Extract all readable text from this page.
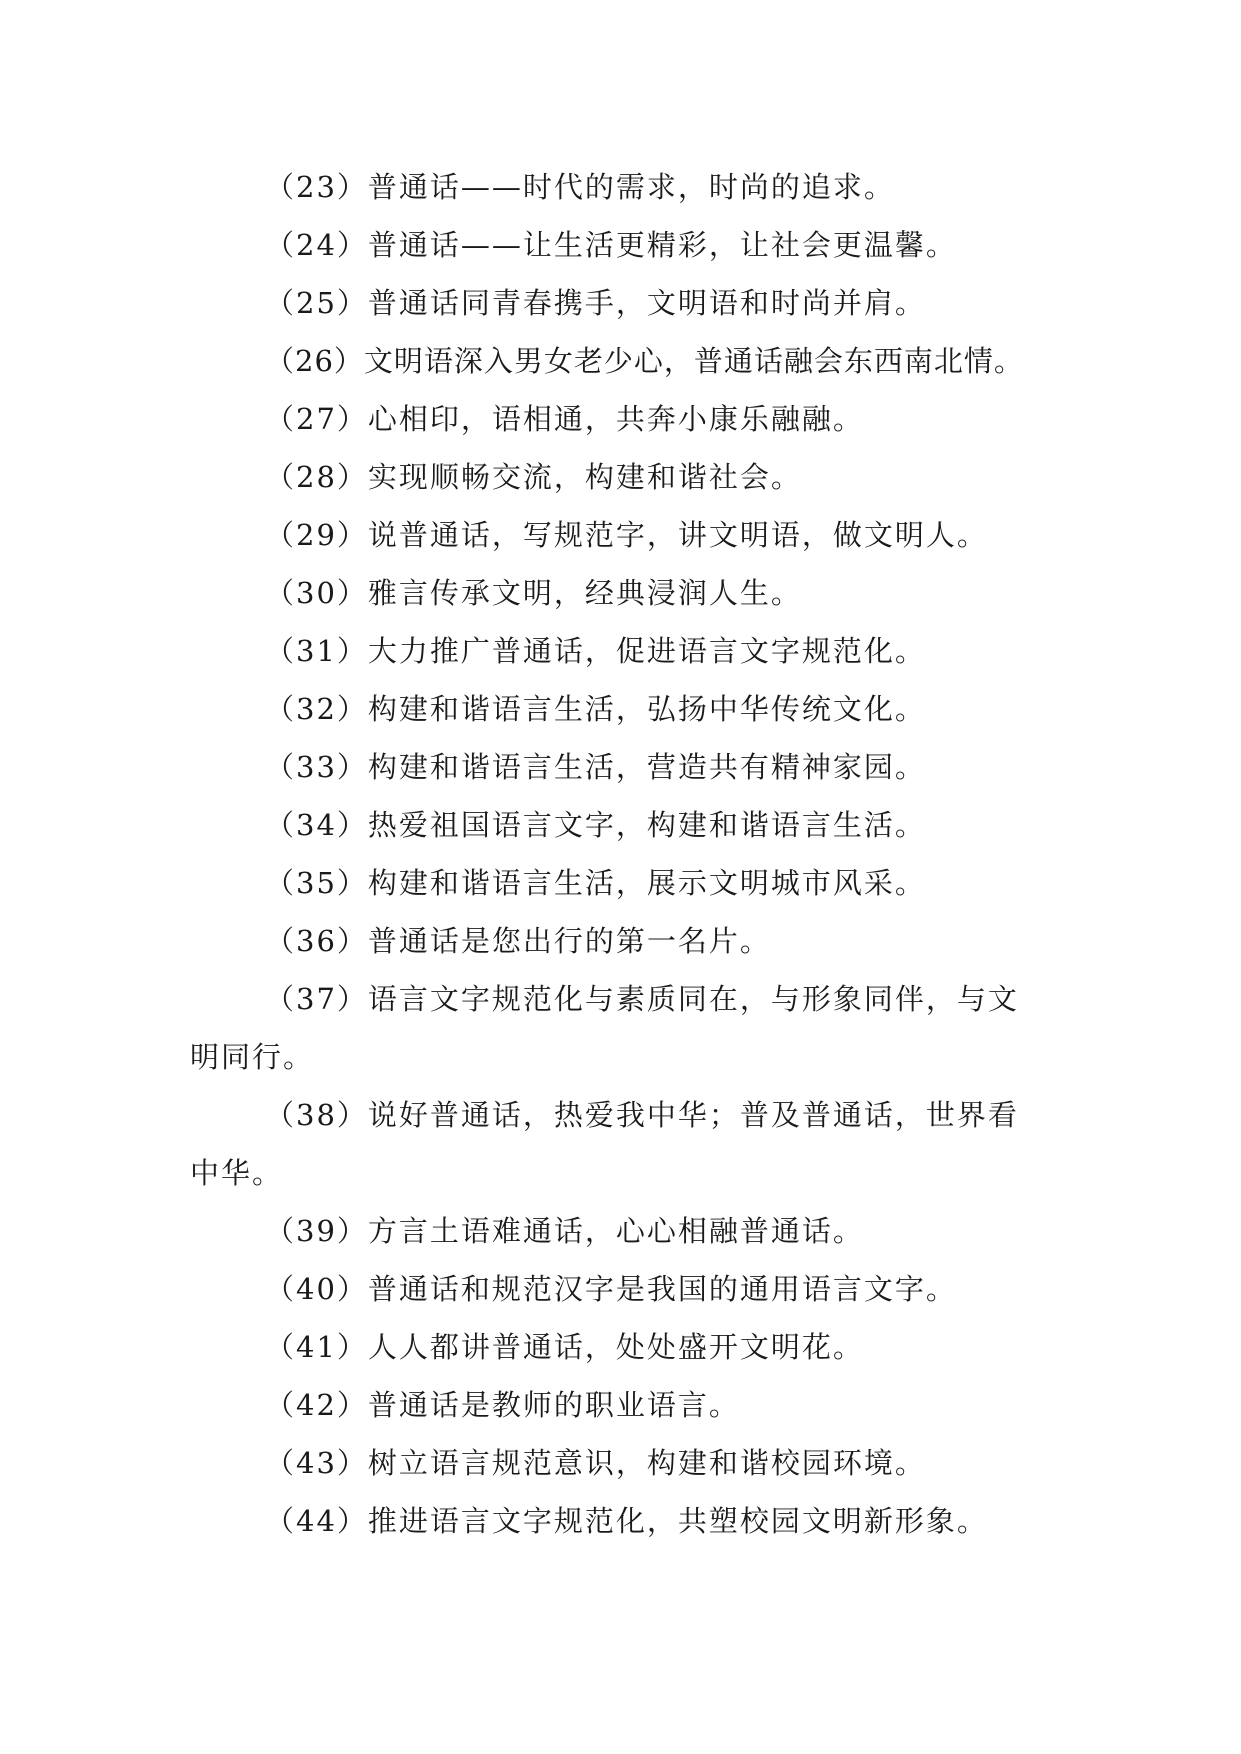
（23）普通话——时代的需求，时尚的追求。
（24）普通话——让生活更精彩，让社会更温馨。
（25）普通话同青春携手，文明语和时尚并肩。
（26）文明语深入男女老少心，普通话融会东西南北情。
（27）心相印，语相通，共奔小康乐融融。
（28）实现顺畅交流，构建和谐社会。
（29）说普通话，写规范字，讲文明语，做文明人。
（30）雅言传承文明，经典浸润人生。
（31）大力推广普通话，促进语言文字规范化。
（32）构建和谐语言生活，弘扬中华传统文化。
（33）构建和谐语言生活，营造共有精神家园。
（34）热爱祖国语言文字，构建和谐语言生活。
（35）构建和谐语言生活，展示文明城市风采。
（36）普通话是您出行的第一名片。
（37）语言文字规范化与素质同在，与形象同伴，与文
明同行。
（38）说好普通话，热爱我中华；普及普通话，世界看
中华。
（39）方言土语难通话，心心相融普通话。
（40）普通话和规范汉字是我国的通用语言文字。
（41）人人都讲普通话，处处盛开文明花。
（42）普通话是教师的职业语言。
（43）树立语言规范意识，构建和谐校园环境。
（44）推进语言文字规范化，共塑校园文明新形象。
